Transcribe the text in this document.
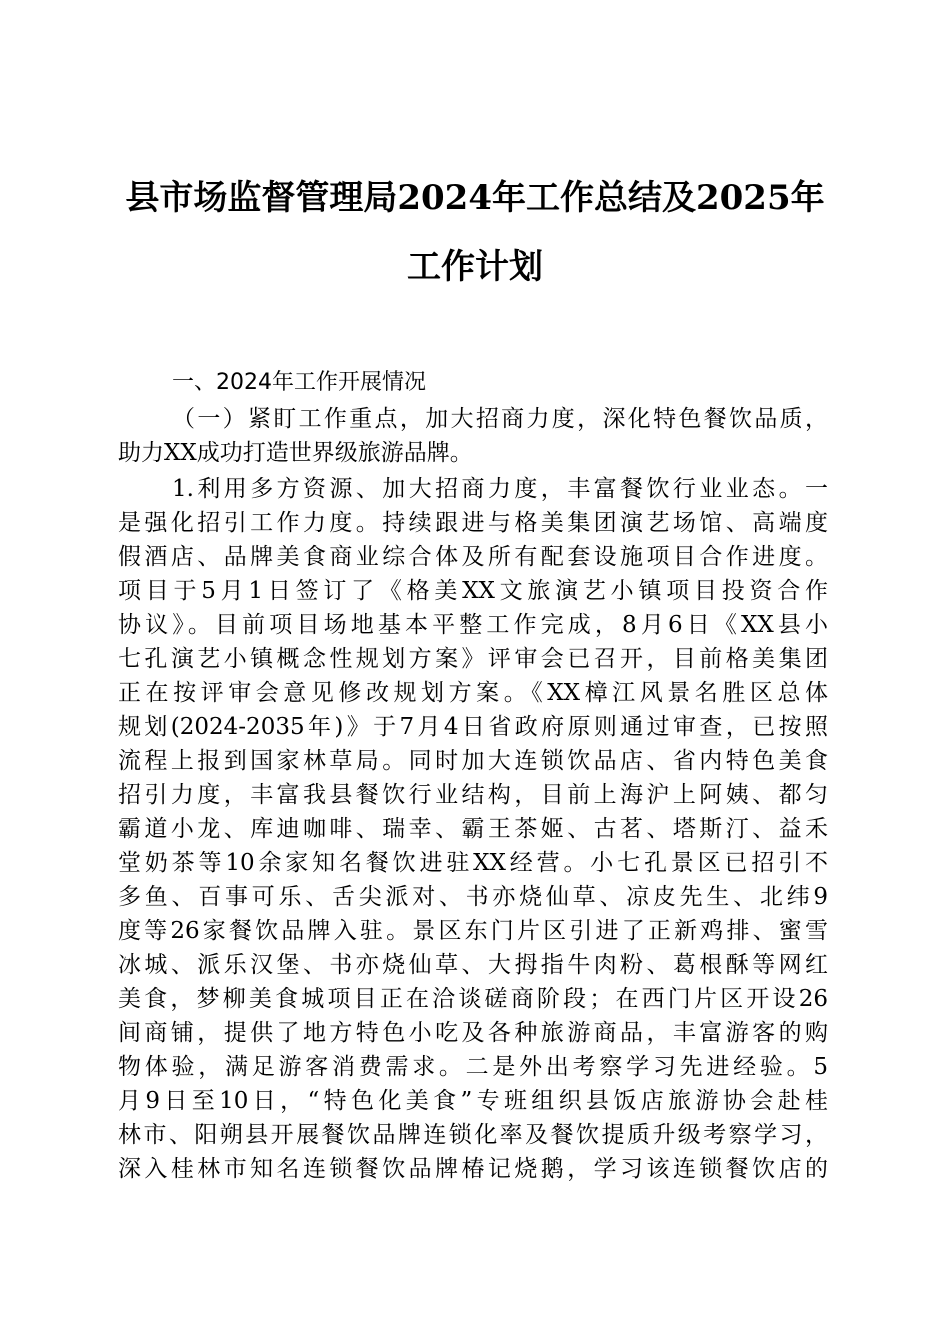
县市场监督管理局2024年工作总结及2025年
工作计划
一、2024年工作开展情况
（一）紧盯工作重点，加大招商力度，深化特色餐饮品质，
助力XX成功打造世界级旅游品牌。
1.利用多方资源、加大招商力度，丰富餐饮行业业态。一
是强化招引工作力度。持续跟进与格美集团演艺场馆、高端度
假酒店、品牌美食商业综合体及所有配套设施项目合作进度。
项目于5月1日签订了《格美XX文旅演艺小镇项目投资合作
协议》。目前项目场地基本平整工作完成，8月6日《XX县小
七孔演艺小镇概念性规划方案》评审会已召开，目前格美集团
正在按评审会意见修改规划方案。《XX樟江风景名胜区总体
规划(2024-2035年)》于7月4日省政府原则通过审查，已按照
流程上报到国家林草局。同时加大连锁饮品店、省内特色美食
招引力度，丰富我县餐饮行业结构，目前上海沪上阿姨、都匀
霸道小龙、库迪咖啡、瑞幸、霸王茶姬、古茗、塔斯汀、益禾
堂奶茶等10余家知名餐饮进驻XX经营。小七孔景区已招引不
多鱼、百事可乐、舌尖派对、书亦烧仙草、凉皮先生、北纬9
度等26家餐饮品牌入驻。景区东门片区引进了正新鸡排、蜜雪
冰城、派乐汉堡、书亦烧仙草、大拇指牛肉粉、葛根酥等网红
美食，梦柳美食城项目正在洽谈磋商阶段；在西门片区开设26
间商铺，提供了地方特色小吃及各种旅游商品，丰富游客的购
物体验，满足游客消费需求。二是外出考察学习先进经验。5
月9日至10日，“特色化美食”专班组织县饭店旅游协会赴桂
林市、阳朔县开展餐饮品牌连锁化率及餐饮提质升级考察学习，
深入桂林市知名连锁餐饮品牌椿记烧鹅，学习该连锁餐饮店的
